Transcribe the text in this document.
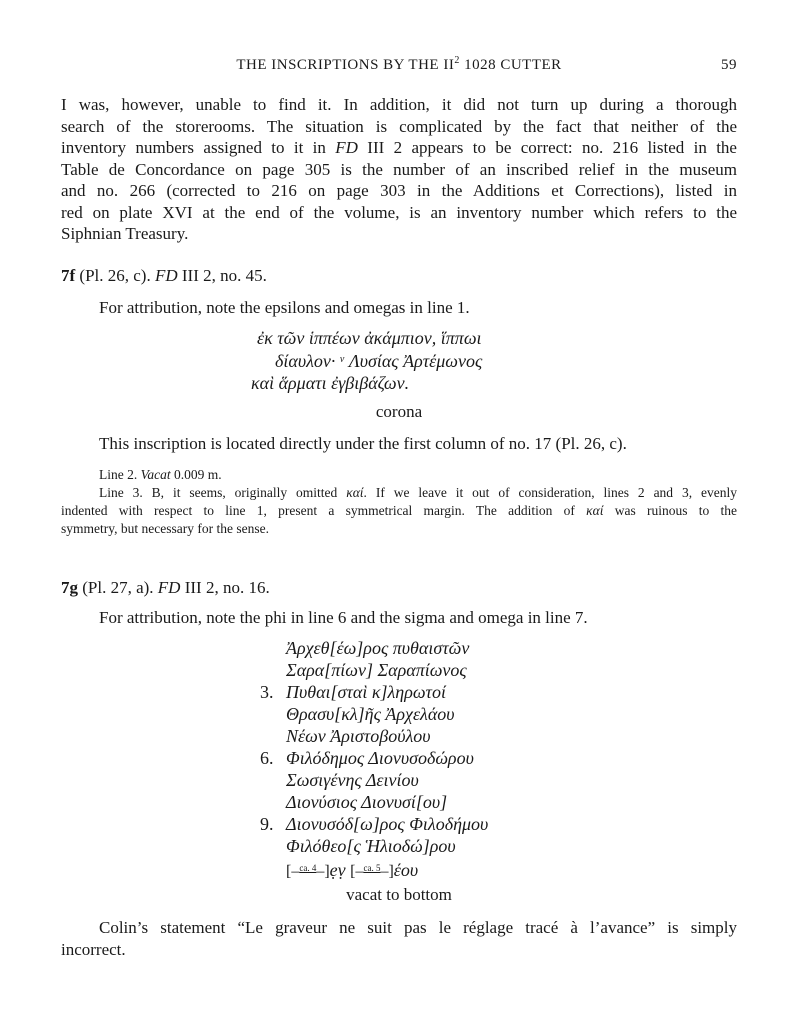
THE INSCRIPTIONS BY THE $II^2$ 1028 CUTTER	59
I was, however, unable to find it. In addition, it did not turn up during a thorough
search of the storerooms. The situation is complicated by the fact that neither of the
inventory numbers assigned to it in FD III 2 appears to be correct: no. 216 listed in the
Table de Concordance on page 305 is the number of an inscribed relief in the museum
and no. 266 (corrected to 216 on page 303 in the Additions et Corrections), listed in
red on plate XVI at the end of the volume, is an inventory number which refers to the
Siphnian Treasury.
7f (Pl. 26, c). FD III 2, no. 45.
For attribution, note the epsilons and omegas in line 1.
ἐκ τῶν ἱππέων ἀκάμπιον, ἵππωι
δίαυλον· $^v$ Λυσίας Ἀρτέμωνος
καὶ ἅρματι ἐγβιβάζων.
corona
This inscription is located directly under the first column of no. 17 (Pl. 26, c).
Line 2. Vacat 0.009 m.
Line 3. B, it seems, originally omitted καί. If we leave it out of consideration, lines 2 and 3, evenly
indented with respect to line 1, present a symmetrical margin. The addition of καί was ruinous to the
symmetry, but necessary for the sense.
7g (Pl. 27, a). FD III 2, no. 16.
For attribution, note the phi in line 6 and the sigma and omega in line 7.
Ἀρχεθ[έω]ρος πυθαιστῶν
Σαρα[πίων] Σαραπίωνος
3. Πυθαι[σταὶ κ]ληρωτοί
Θρασυ[κλ]ῆς Ἀρχελάου
Νέων Ἀριστοβούλου
6. Φιλόδημος Διονυσοδώρου
Σωσιγένης Δεινίου
Διονύσιος Διονυσί[ου]
9. Διονυσόδ[ω]ρος Φιλοδήμου
Φιλόθεο[ς Ἡλιοδώ]ρου
[–$^{ca. 4}$–]ẹṿ [–$^{ca. 5}$–]έου
vacat to bottom
Colin’s statement “Le graveur ne suit pas le réglage tracé à l’avance” is simply
incorrect.
